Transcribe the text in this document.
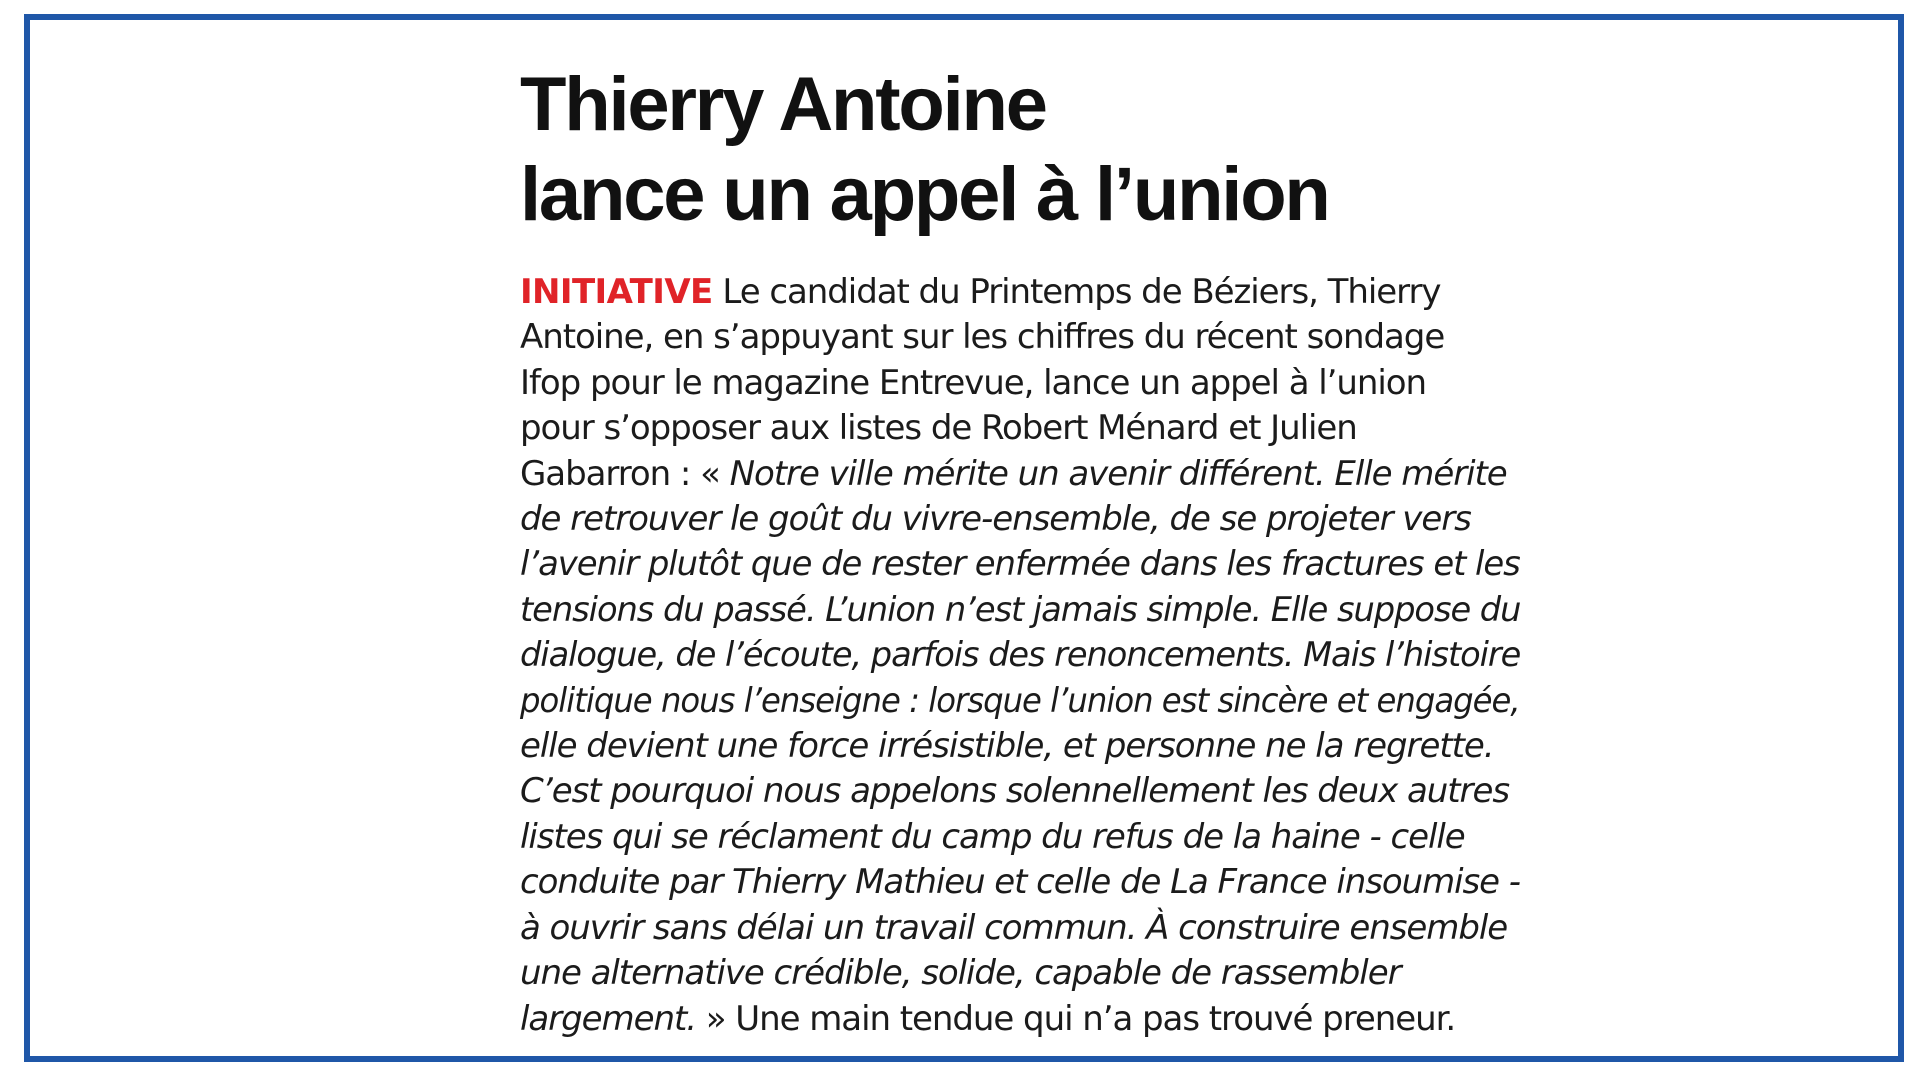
Thierry Antoine
lance un appel à l’union
INITIATIVE Le candidat du Printemps de Béziers, Thierry
Antoine, en s’appuyant sur les chiffres du récent sondage
Ifop pour le magazine Entrevue, lance un appel à l’union
pour s’opposer aux listes de Robert Ménard et Julien
Gabarron : « Notre ville mérite un avenir différent. Elle mérite
de retrouver le goût du vivre-ensemble, de se projeter vers
l’avenir plutôt que de rester enfermée dans les fractures et les
tensions du passé. L’union n’est jamais simple. Elle suppose du
dialogue, de l’écoute, parfois des renoncements. Mais l’histoire
politique nous l’enseigne : lorsque l’union est sincère et engagée,
elle devient une force irrésistible, et personne ne la regrette.
C’est pourquoi nous appelons solennellement les deux autres
listes qui se réclament du camp du refus de la haine - celle
conduite par Thierry Mathieu et celle de La France insoumise -
à ouvrir sans délai un travail commun. À construire ensemble
une alternative crédible, solide, capable de rassembler
largement. » Une main tendue qui n’a pas trouvé preneur.
